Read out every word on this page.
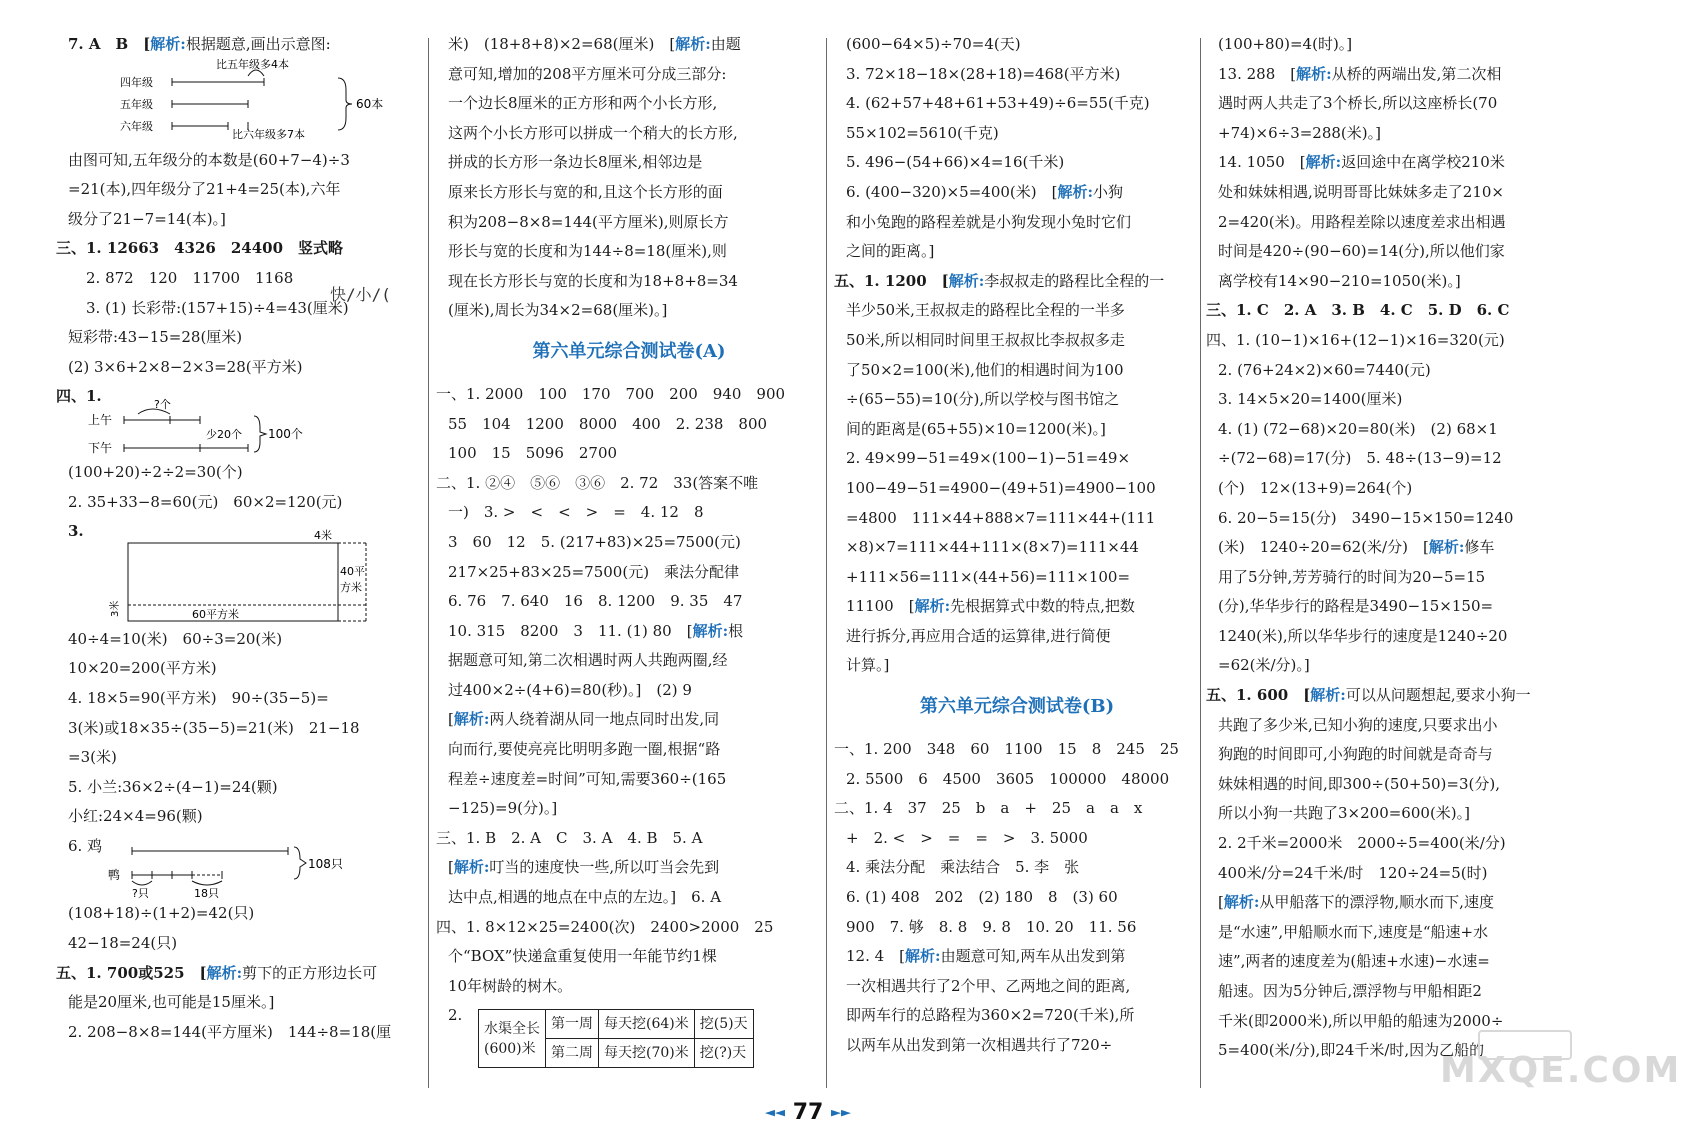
7. A　B　[解析:根据题意,画出示意图:
比五年级多4本
四年级
五年级
六年级
比六年级多7本
60本
由图可知,五年级分的本数是(60+7−4)÷3
=21(本),四年级分了21+4=25(本),六年
级分了21−7=14(本)。]
三、1. 12663　4326　24400　竖式略
2. 872　120　11700　1168
3. (1) 长彩带:(157+15)÷4=43(厘米)
短彩带:43−15=28(厘米)
(2) 3×6+2×8−2×3=28(平方米)
四、1.	?个
上午
下午
少20个 100个
(100+20)÷2÷2=30(个)
2. 35+33−8=60(元)　60×2=120(元)
3.	4米
40平
方米
60平方米
3米
40÷4=10(米)　60÷3=20(米)
10×20=200(平方米)
4. 18×5=90(平方米)　90÷(35−5)=
3(米)或18×35÷(35−5)=21(米)　21−18
=3(米)
5. 小兰:36×2÷(4−1)=24(颗)
小红:24×4=96(颗)
6. 鸡
鸭
108只
?只	18只
(108+18)÷(1+2)=42(只)
42−18=24(只)
五、1. 700或525　[解析:剪下的正方形边长可
能是20厘米,也可能是15厘米。]
2. 208−8×8=144(平方厘米)　144÷8=18(厘
快/小/(
米)　(18+8+8)×2=68(厘米)　[解析:由题
意可知,增加的208平方厘米可分成三部分:
一个边长8厘米的正方形和两个小长方形,
这两个小长方形可以拼成一个稍大的长方形,
拼成的长方形一条边长8厘米,相邻边是
原来长方形长与宽的和,且这个长方形的面
积为208−8×8=144(平方厘米),则原长方
形长与宽的长度和为144÷8=18(厘米),则
现在长方形长与宽的长度和为18+8+8=34
(厘米),周长为34×2=68(厘米)。]
第六单元综合测试卷(A)
一、1. 2000　100　170　700　200　940　900
55　104　1200　8000　400　2. 238　800
100　15　5096　2700
二、1. ②④　⑤⑥　③⑥　2. 72　33(答案不唯
一)　3. >　<　<　>　=　4. 12　8
3　60　12　5. (217+83)×25=7500(元)
217×25+83×25=7500(元)　乘法分配律
6. 76　7. 640　16　8. 1200　9. 35　47
10. 315　8200　3　11. (1) 80　[解析:根
据题意可知,第二次相遇时两人共跑两圈,经
过400×2÷(4+6)=80(秒)。]　(2) 9
[解析:两人绕着湖从同一地点同时出发,同
向而行,要使亮亮比明明多跑一圈,根据“路
程差÷速度差=时间”可知,需要360÷(165
−125)=9(分)。]
三、1. B　2. A　C　3. A　4. B　5. A
[解析:叮当的速度快一些,所以叮当会先到
达中点,相遇的地点在中点的左边。]　6. A
四、1. 8×12×25=2400(次)　2400>2000　25
个“BOX”快递盒重复使用一年能节约1棵
10年树龄的树木。
2.
水渠全长
(600)米	第一周	每天挖(64)米	挖(5)天
	第二周	每天挖(70)米	挖(?)天
(600−64×5)÷70=4(天)
3. 72×18−18×(28+18)=468(平方米)
4. (62+57+48+61+53+49)÷6=55(千克)
55×102=5610(千克)
5. 496−(54+66)×4=16(千米)
6. (400−320)×5=400(米)　[解析:小狗
和小兔跑的路程差就是小狗发现小兔时它们
之间的距离。]
五、1. 1200　[解析:李叔叔走的路程比全程的一
半少50米,王叔叔走的路程比全程的一半多
50米,所以相同时间里王叔叔比李叔叔多走
了50×2=100(米),他们的相遇时间为100
÷(65−55)=10(分),所以学校与图书馆之
间的距离是(65+55)×10=1200(米)。]
2. 49×99−51=49×(100−1)−51=49×
100−49−51=4900−(49+51)=4900−100
=4800　111×44+888×7=111×44+(111
×8)×7=111×44+111×(8×7)=111×44
+111×56=111×(44+56)=111×100=
11100　[解析:先根据算式中数的特点,把数
进行拆分,再应用合适的运算律,进行简便
计算。]
第六单元综合测试卷(B)
一、1. 200　348　60　1100　15　8　245　25
2. 5500　6　4500　3605　100000　48000
二、1. 4　37　25　b　a　+　25　a　a　x
+　2. <　>　=　=　>　3. 5000
4. 乘法分配　乘法结合　5. 李　张
6. (1) 408　202　(2) 180　8　(3) 60
900　7. 够　8. 8　9. 8　10. 20　11. 56
12. 4　[解析:由题意可知,两车从出发到第
一次相遇共行了2个甲、乙两地之间的距离,
即两车行的总路程为360×2=720(千米),所
以两车从出发到第一次相遇共行了720÷
(100+80)=4(时)。]
13. 288　[解析:从桥的两端出发,第二次相
遇时两人共走了3个桥长,所以这座桥长(70
+74)×6÷3=288(米)。]
14. 1050　[解析:返回途中在离学校210米
处和妹妹相遇,说明哥哥比妹妹多走了210×
2=420(米)。用路程差除以速度差求出相遇
时间是420÷(90−60)=14(分),所以他们家
离学校有14×90−210=1050(米)。]
三、1. C　2. A　3. B　4. C　5. D　6. C
四、1. (10−1)×16+(12−1)×16=320(元)
2. (76+24×2)×60=7440(元)
3. 14×5×20=1400(厘米)
4. (1) (72−68)×20=80(米)　(2) 68×1
÷(72−68)=17(分)　5. 48÷(13−9)=12
(个)　12×(13+9)=264(个)
6. 20−5=15(分)　3490−15×150=1240
(米)　1240÷20=62(米/分)　[解析:修车
用了5分钟,芳芳骑行的时间为20−5=15
(分),华华步行的路程是3490−15×150=
1240(米),所以华华步行的速度是1240÷20
=62(米/分)。]
五、1. 600　[解析:可以从问题想起,要求小狗一
共跑了多少米,已知小狗的速度,只要求出小
狗跑的时间即可,小狗跑的时间就是奇奇与
妹妹相遇的时间,即300÷(50+50)=3(分),
所以小狗一共跑了3×200=600(米)。]
2. 2千米=2000米　2000÷5=400(米/分)
400米/分=24千米/时　120÷24=5(时)
[解析:从甲船落下的漂浮物,顺水而下,速度
是“水速”,甲船顺水而下,速度是“船速+水
速”,两者的速度差为(船速+水速)−水速=
船速。因为5分钟后,漂浮物与甲船相距2
千米(即2000米),所以甲船的船速为2000÷
5=400(米/分),即24千米/时,因为乙船的
◄◄ 77 ►►
MXQE.COM
